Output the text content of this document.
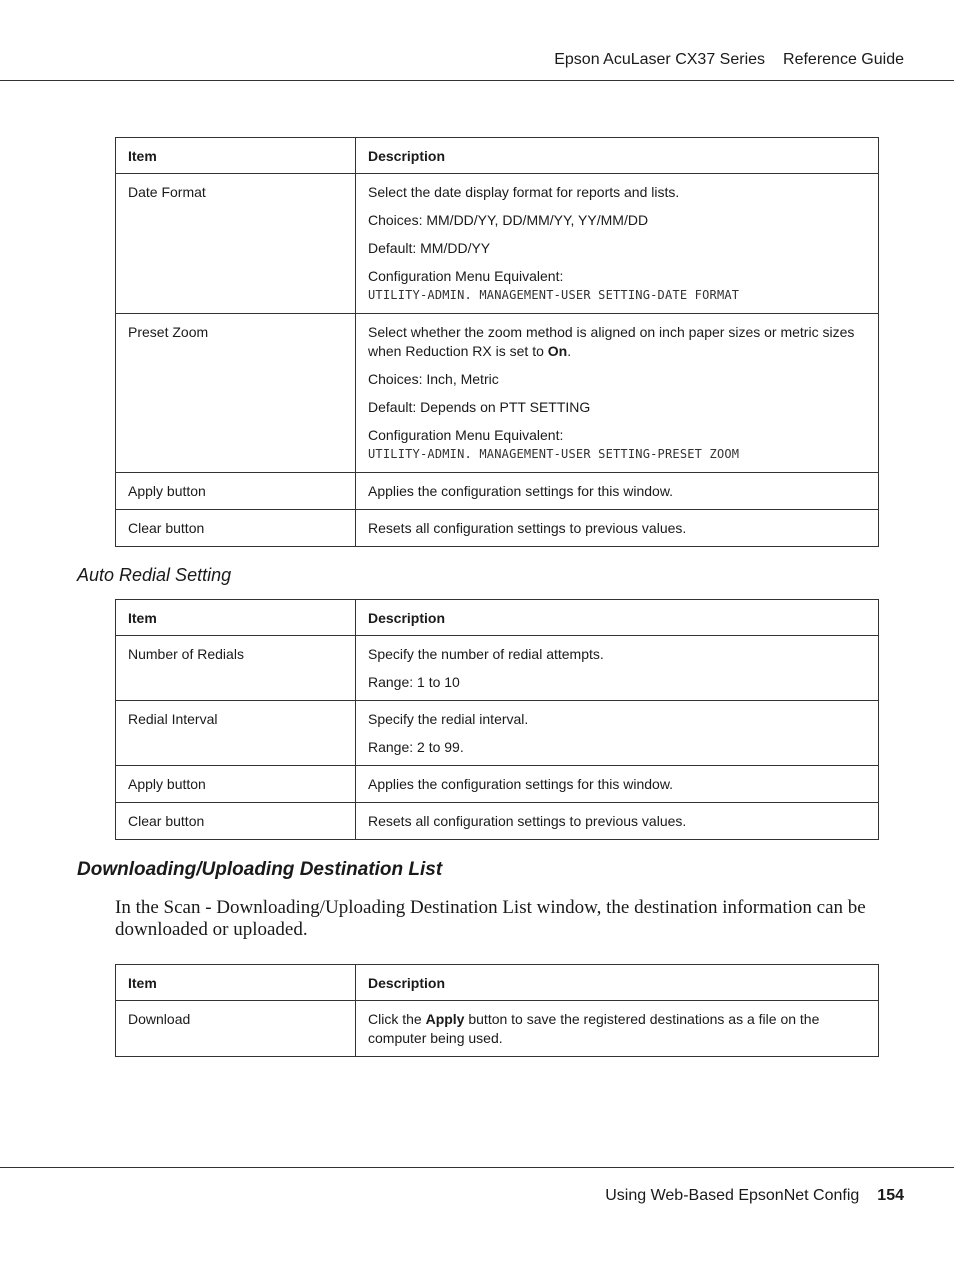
Epson AcuLaser CX37 Series Reference Guide
Item	Description
Date Format	Select the date display format for reports and lists.

Choices: MM/DD/YY, DD/MM/YY, YY/MM/DD

Default: MM/DD/YY

Configuration Menu Equivalent:
UTILITY-ADMIN. MANAGEMENT-USER SETTING-DATE FORMAT

Preset Zoom	Select whether the zoom method is aligned on inch paper sizes or metric sizes when Reduction RX is set to On.

Choices: Inch, Metric

Default: Depends on PTT SETTING

Configuration Menu Equivalent:
UTILITY-ADMIN. MANAGEMENT-USER SETTING-PRESET ZOOM

Apply button	Applies the configuration settings for this window.
Clear button	Resets all configuration settings to previous values.
Auto Redial Setting
Item	Description
Number of Redials	Specify the number of redial attempts.

Range: 1 to 10

Redial Interval	Specify the redial interval.

Range: 2 to 99.

Apply button	Applies the configuration settings for this window.
Clear button	Resets all configuration settings to previous values.
Downloading/Uploading Destination List
In the Scan - Downloading/Uploading Destination List window, the destination information can be downloaded or uploaded.
Item	Description
Download	Click the Apply button to save the registered destinations as a file on the computer being used.

Using Web-Based EpsonNet Config 154
